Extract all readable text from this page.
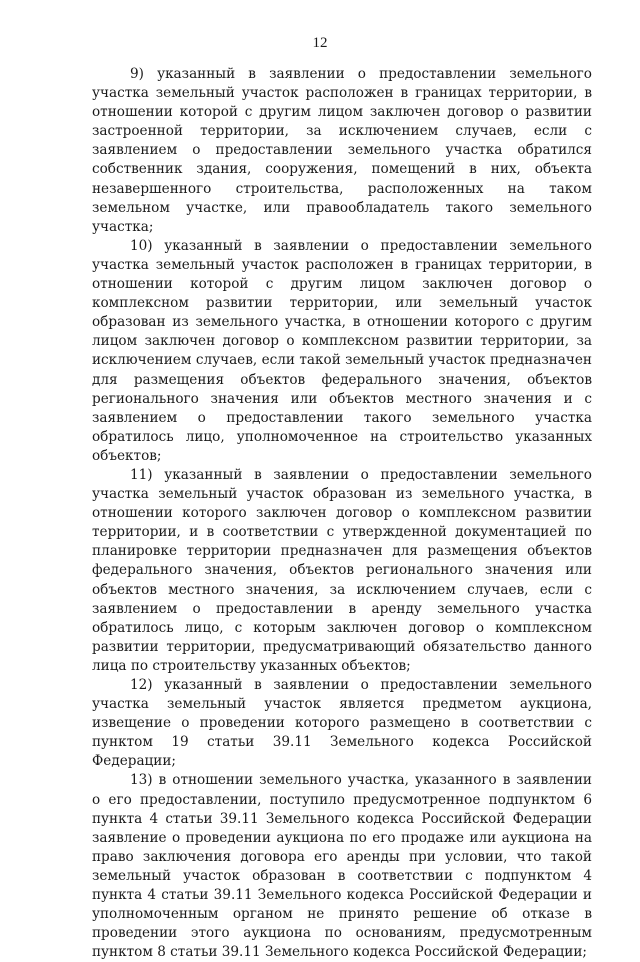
12

9) указанный в заявлении о предоставлении земельного участка земельный участок расположен в границах территории, в отношении которой с другим лицом заключен договор о развитии застроенной территории, за исключением случаев, если с заявлением о предоставлении земельного участка обратился собственник здания, сооружения, помещений в них, объекта незавершенного строительства, расположенных на таком земельном участке, или правообладатель такого земельного участка;

10) указанный в заявлении о предоставлении земельного участка земельный участок расположен в границах территории, в отношении которой с другим лицом заключен договор о комплексном развитии территории, или земельный участок образован из земельного участка, в отношении которого с другим лицом заключен договор о комплексном развитии территории, за исключением случаев, если такой земельный участок предназначен для размещения объектов федерального значения, объектов регионального значения или объектов местного значения и с заявлением о предоставлении такого земельного участка обратилось лицо, уполномоченное на строительство указанных объектов;

11) указанный в заявлении о предоставлении земельного участка земельный участок образован из земельного участка, в отношении которого заключен договор о комплексном развитии территории, и в соответствии с утвержденной документацией по планировке территории предназначен для размещения объектов федерального значения, объектов регионального значения или объектов местного значения, за исключением случаев, если с заявлением о предоставлении в аренду земельного участка обратилось лицо, с которым заключен договор о комплексном развитии территории, предусматривающий обязательство данного лица по строительству указанных объектов;

12) указанный в заявлении о предоставлении земельного участка земельный участок является предметом аукциона, извещение о проведении которого размещено в соответствии с пунктом 19 статьи 39.11 Земельного кодекса Российской Федерации;

13) в отношении земельного участка, указанного в заявлении о его предоставлении, поступило предусмотренное подпунктом 6 пункта 4 статьи 39.11 Земельного кодекса Российской Федерации заявление о проведении аукциона по его продаже или аукциона на право заключения договора его аренды при условии, что такой земельный участок образован в соответствии с подпунктом 4 пункта 4 статьи 39.11 Земельного кодекса Российской Федерации и уполномоченным органом не принято решение об отказе в проведении этого аукциона по основаниям, предусмотренным пунктом 8 статьи 39.11 Земельного кодекса Российской Федерации;
